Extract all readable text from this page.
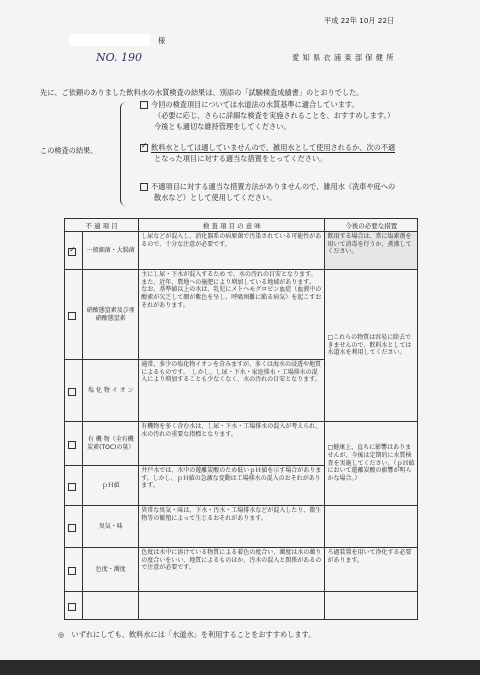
平成 22年 10月 22日
様
NO. 190	愛 知 県 衣 浦 東 部 保 健 所
先に、ご依頼のありました飲料水の水質検査の結果は、別添の「試験検査成績書」のとおりでした。
この検査の結果、
今回の検査項目については水道法の水質基準に適合しています。
（必要に応じ、さらに詳細な検査を実施されることを、おすすめします。）
今後とも適切な維持管理をしてください。
✓飲料水としては適していませんので、雑用水として使用されるか、次の不適
となった項目に対する適当な措置をとってください。
不適項目に対する適当な措置方法がありませんので、雑用水（洗車や庭への
散水など）として使用してください。
不 適 項 目		検 査 項 目 の 意 味	今後の必要な措置
✓	一般細菌・大腸菌	し尿などが混入し、消化器系の病原菌で汚染されている可能性があるので、十分な注意が必要です。	飲用する場合は、常に塩素剤を用いて消毒を行うか、煮沸してください。
	硝酸態窒素及び亜硝酸態窒素	主にし尿・下水が混入するため で、水の汚れの目安となります。　また、近年、農地への施肥により増加している地域があります。　なお、基準値以上の水は、乳児にメトヘモグロビン血症（血液中の酸素が欠乏して顔が紫色を呈し、呼吸困難に陥る病気）を起こすおそれがあります。	□これらの物質は容易に除去できませんので、飲料水としては水道水を利用してください。
	塩 化 物 イ オ ン	通常、多少の塩化物イオンを含みますが、多くは海水の浸透や地質によるものです。　しかし、し尿・下水・家庭排水・工場排水の混入により増加することも少なくなく、水の汚れの目安となります。	
	有 機 物（全有機炭素(TOC)の量）	有機物を多く含む水は、し尿・下水・工場排水の混入が考えられ、水の汚れの重要な指標となります。	□健康上、直ちに影響はありませんが、今後は定期的に水質検査を実施してください。（ｐＨ値において遊離炭酸の影響が明らかな場合。）
	ｐＨ値	井戸水では、水中の遊離炭酸のため低いｐＨ値を示す場合があります。しかし、ｐＨ値の急激な変動は工場排水の混入のおそれがあります。	
	臭気・味	異常な臭気・味は、下水・汚水・工場排水などが混入したり、微生物等の繁殖によって生じるおそれがあります。	
	色度・濁度	色度は水中に溶けている物質による着色の度合い、濁度は水の濁りの度合いをいい、地質によるものほか、汚水の混入と関係があるので注意が必要です。	ろ過装置を用いて浄化する必要があります。

◎　いずれにしても、飲料水には「水道水」を利用することをおすすめします。
